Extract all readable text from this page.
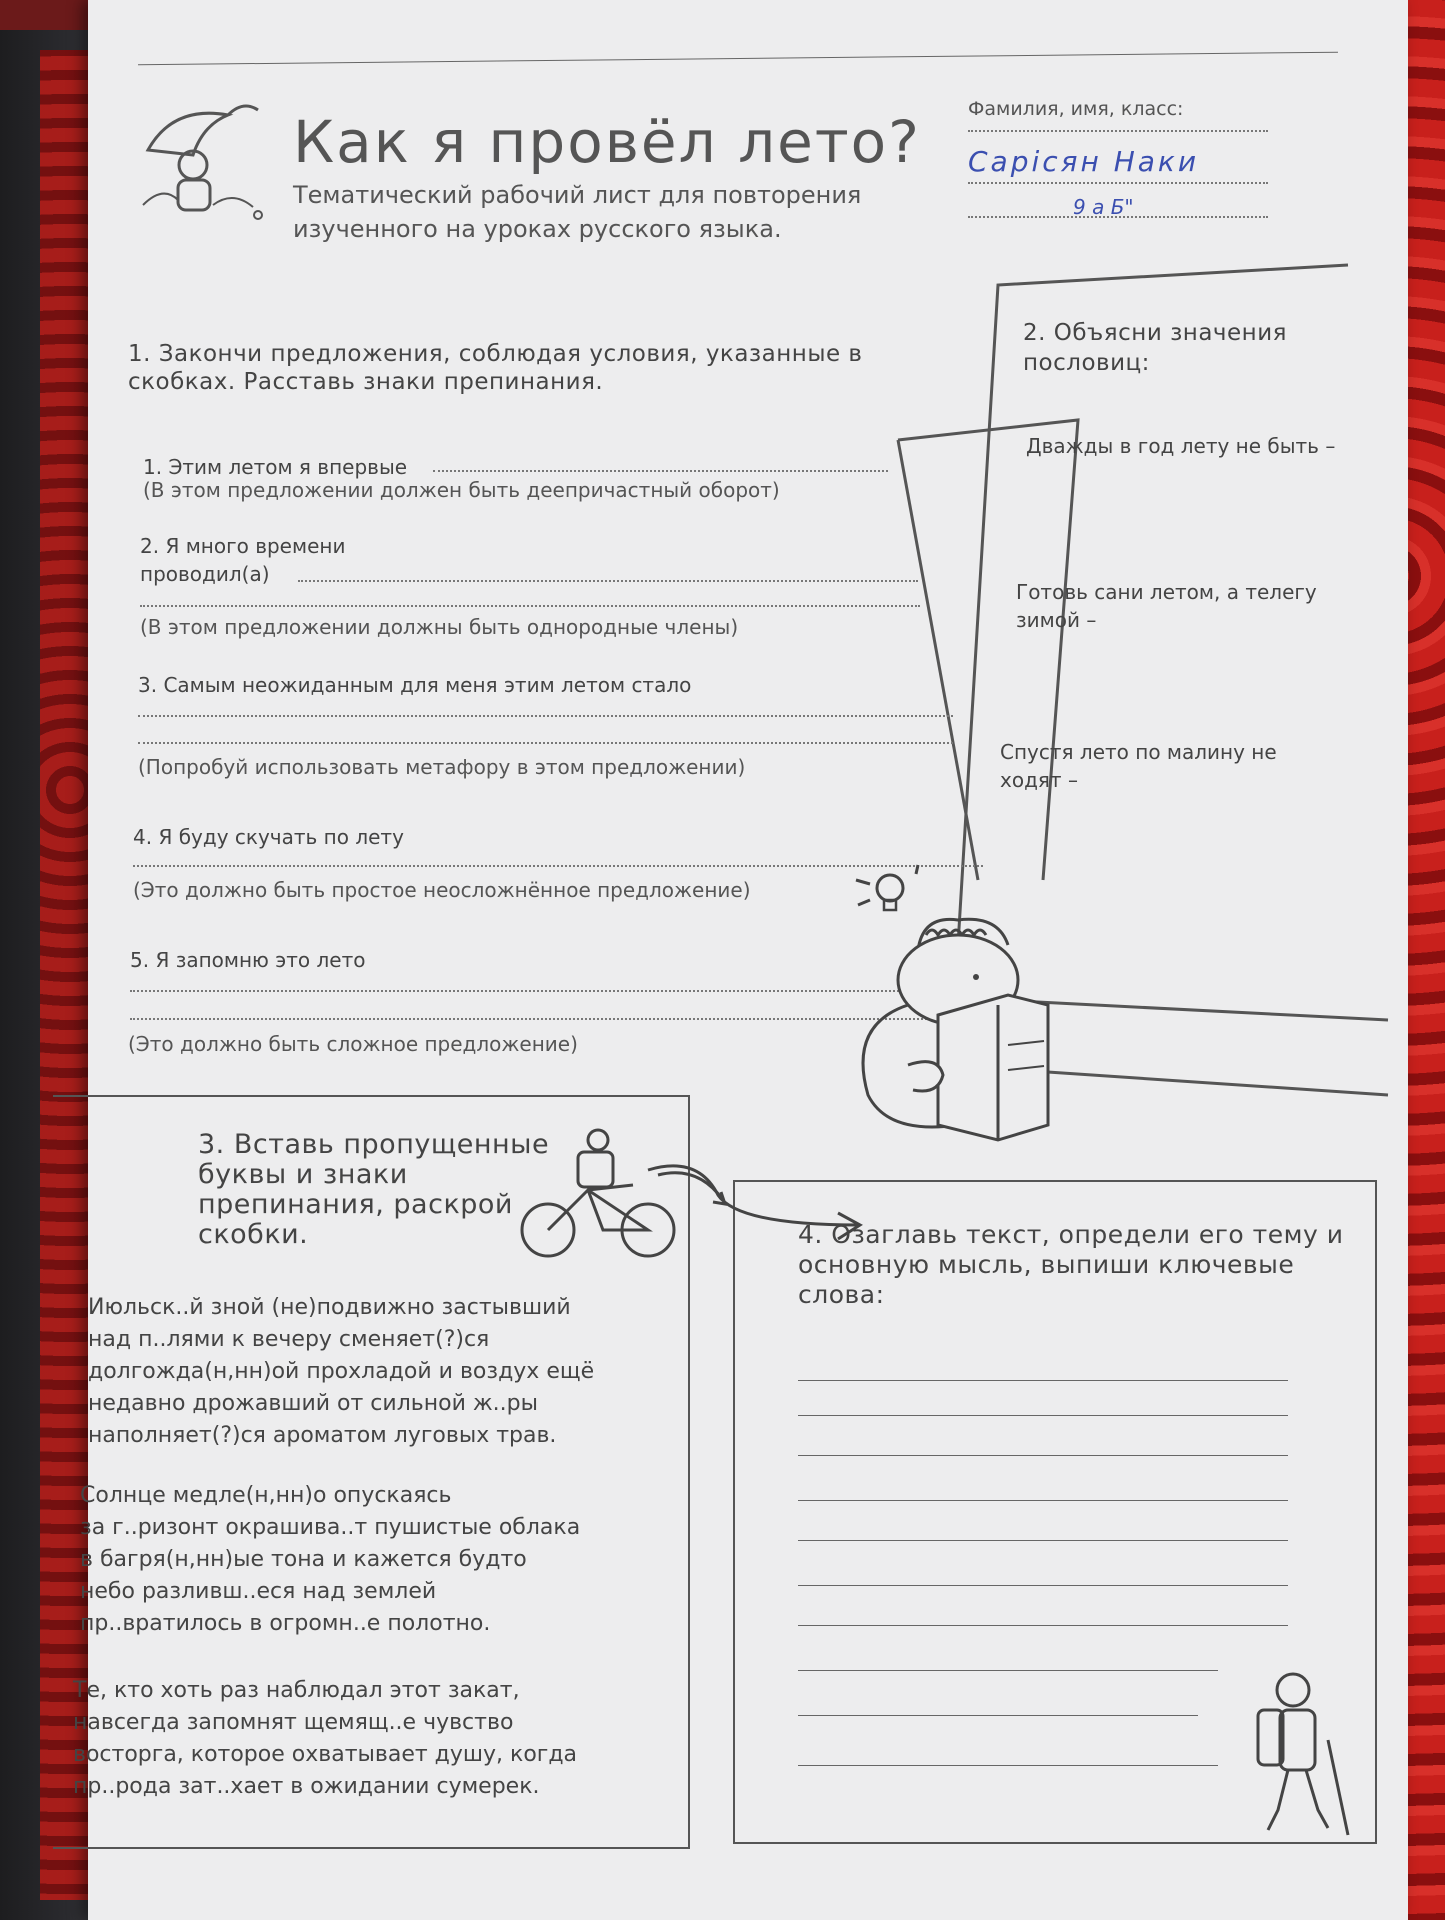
Как я провёл лето?
Тематический рабочий лист для повторения изученного на уроках русского языка.
Фамилия, имя, класс:
Сарісян Наки
9 а Б"
1. Закончи предложения, соблюдая условия, указанные в скобках. Расставь знаки препинания.
1. Этим летом я впервые
(В этом предложении должен быть деепричастный оборот)
2. Я много времени проводил(а)
(В этом предложении должны быть однородные члены)
3. Самым неожиданным для меня этим летом стало
(Попробуй использовать метафору в этом предложении)
4. Я буду скучать по лету
(Это должно быть простое неосложнённое предложение)
5. Я запомню это лето
(Это должно быть сложное предложение)
2. Объясни значения пословиц:
Дважды в год лету не быть –
Готовь сани летом, а телегу зимой –
Спустя лето по малину не ходят –
3. Вставь пропущенные буквы и знаки препинания, раскрой скобки.
Июльск..й зной (не)подвижно застывший
над п..лями к вечеру сменяет(?)ся
долгожда(н,нн)ой прохладой и воздух ещё
недавно дрожавший от сильной ж..ры
наполняет(?)ся ароматом луговых трав.
Солнце медле(н,нн)о опускаясь
за г..ризонт окрашива..т пушистые облака
в багря(н,нн)ые тона и кажется будто
небо разливш..еся над землей
пр..вратилось в огромн..е полотно.
Те, кто хоть раз наблюдал этот закат,
навсегда запомнят щемящ..е чувство
восторга, которое охватывает душу, когда
пр..рода зат..хает в ожидании сумерек.
4. Озаглавь текст, определи его тему и основную мысль, выпиши ключевые слова:
